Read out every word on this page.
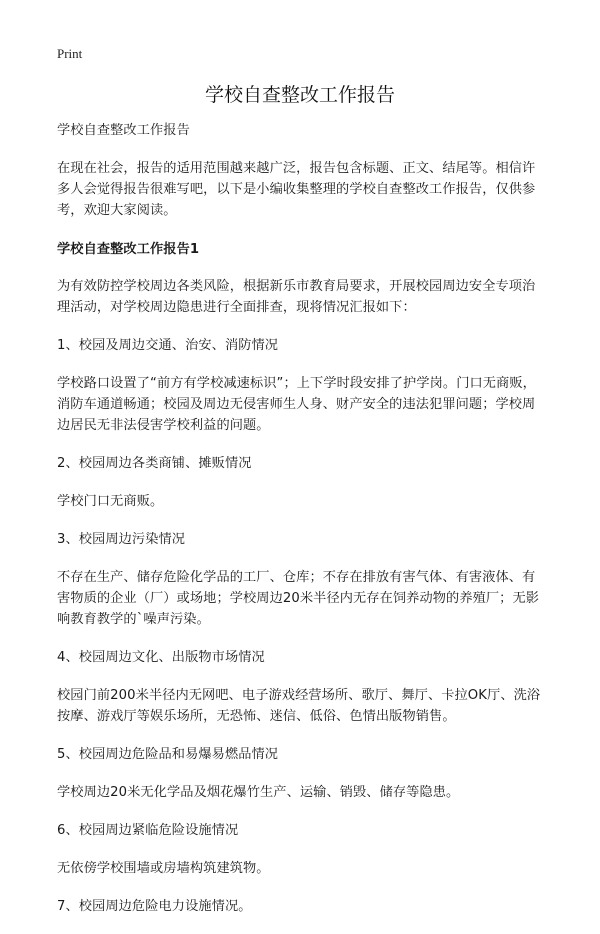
Print
学校自查整改工作报告

学校自查整改工作报告

在现在社会，报告的适用范围越来越广泛，报告包含标题、正文、结尾等。相信许多人会觉得报告很难写吧，以下是小编收集整理的学校自查整改工作报告，仅供参考，欢迎大家阅读。

学校自查整改工作报告1

为有效防控学校周边各类风险，根据新乐市教育局要求，开展校园周边安全专项治理活动，对学校周边隐患进行全面排查，现将情况汇报如下：

1、校园及周边交通、治安、消防情况

学校路口设置了“前方有学校减速标识”；上下学时段安排了护学岗。门口无商贩，消防车通道畅通；校园及周边无侵害师生人身、财产安全的违法犯罪问题；学校周边居民无非法侵害学校利益的问题。

2、校园周边各类商铺、摊贩情况

学校门口无商贩。

3、校园周边污染情况

不存在生产、储存危险化学品的工厂、仓库；不存在排放有害气体、有害液体、有害物质的企业（厂）或场地；学校周边20米半径内无存在饲养动物的养殖厂；无影响教育教学的`噪声污染。

4、校园周边文化、出版物市场情况

校园门前200米半径内无网吧、电子游戏经营场所、歌厅、舞厅、卡拉OK厅、洗浴按摩、游戏厅等娱乐场所，无恐怖、迷信、低俗、色情出版物销售。

5、校园周边危险品和易爆易燃品情况

学校周边20米无化学品及烟花爆竹生产、运输、销毁、储存等隐患。

6、校园周边紧临危险设施情况

无依傍学校围墙或房墙构筑建筑物。

7、校园周边危险电力设施情况。
